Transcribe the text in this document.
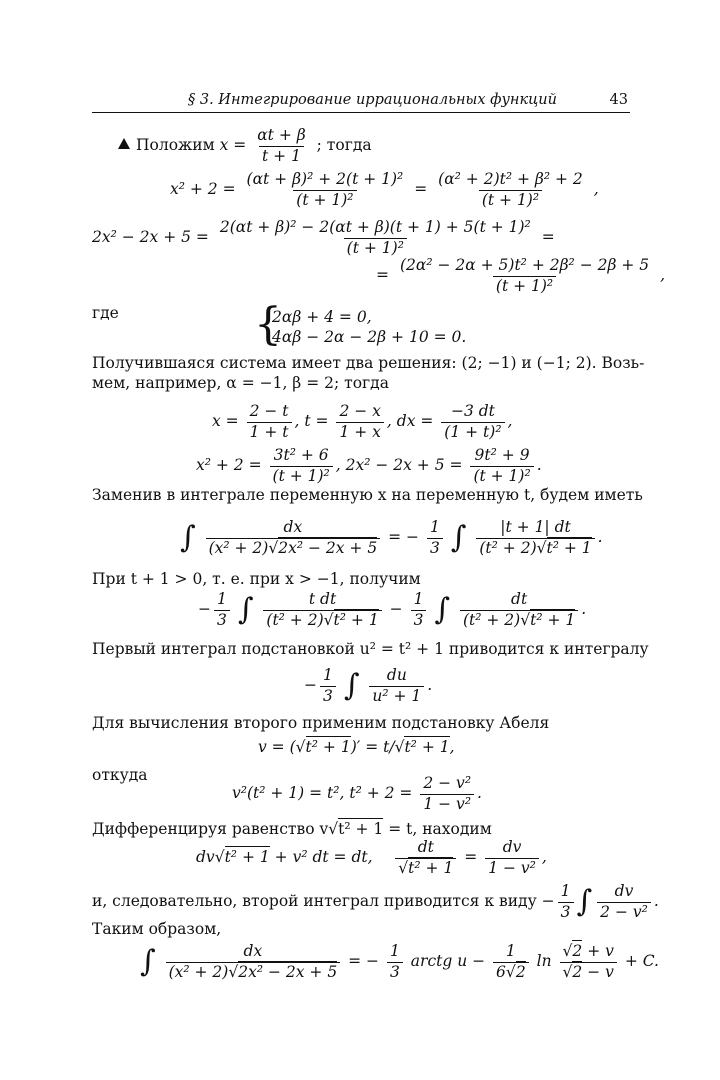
§ 3. Интегрирование иррациональных функций	43
Положим $x = \frac{\alpha t + \beta}{t + 1}$ ; тогда
$x^2 + 2 = \frac{\text{(αt + β)² + 2(t + 1)²}}{\text{(t + 1)²}} = \frac{\text{(α² + 2)t² + β² + 2}}{\text{(t + 1)²}}$ ,
$2x^2 - 2x + 5 = \frac{\text{2(αt + β)² − 2(αt + β)(t + 1) + 5(t + 1)²}}{\text{(t + 1)²}}$ =
= $\frac{\text{(2α² − 2α + 5)t² + 2β² − 2β + 5}}{\text{(t + 1)²}}$ ,
где	{
2αβ + 4 = 0,
4αβ − 2α − 2β + 10 = 0.
Получившаяся система имеет два решения: (2; −1) и (−1; 2). Возь-
мем, например, α = −1, β = 2; тогда
$x = \frac{2 - t}{1 + t}$ , $t = \frac{2 - x}{1 + x}$ , dx = $\frac{-3 dt}{\text{(1 + t)²}}$ ,
$x^2 + 2 = \frac{\text{3t² + 6}}{\text{(t + 1)²}}$ , $2x^2 - 2x + 5 = \frac{\text{9t² + 9}}{\text{(t + 1)²}}$ .
Заменив в интеграле переменную x на переменную t, будем иметь
∫ $\frac{dx}{\text{(x² + 2)√2x² − 2x + 5}}$ = − $\frac{1}{3}$ ∫ $\frac{|t + 1| dt}{\text{(t² + 2)√t² + 1}}$ .
При t + 1 > 0, т. е. при x > −1, получим
− $\frac{1}{3}$ ∫ $\frac{\text{t dt}}{\text{(t² + 2)√t² + 1}} - \frac{1}{3}$ ∫ $\frac{dt}{\text{(t² + 2)√t² + 1}}$ .
Первый интеграл подстановкой u² = t² + 1 приводится к интегралу
− $\frac{1}{3}$ ∫ $\frac{du}{\text{u² + 1}}$ .
Для вычисления второго применим подстановку Абеля
v = (√t² + 1)′ = t/√t² + 1,
откуда
v²(t² + 1) = t², $t^2 + 2 = \frac{\text{2 − v²}}{\text{1 − v²}}$ .
Дифференцируя равенство v√t² + 1 = t, находим
dv√t² + 1 + v² dt = dt, $\frac{dt}{\text{√t² + 1}} = \frac{dv}{\text{1 − v²}}$ ,
и, следовательно, второй интеграл приводится к виду − $\frac{1}{3}$ ∫ $\frac{dv}{\text{2 − v²}}$ .
Таким образом,
∫ $\frac{dx}{\text{(x² + 2)√2x² − 2x + 5}}$ = − $\frac{1}{3}$ arctg $u - \frac{1}{6√2}$ $\ln \frac{√2 + v}{√2 - v} + C$.
